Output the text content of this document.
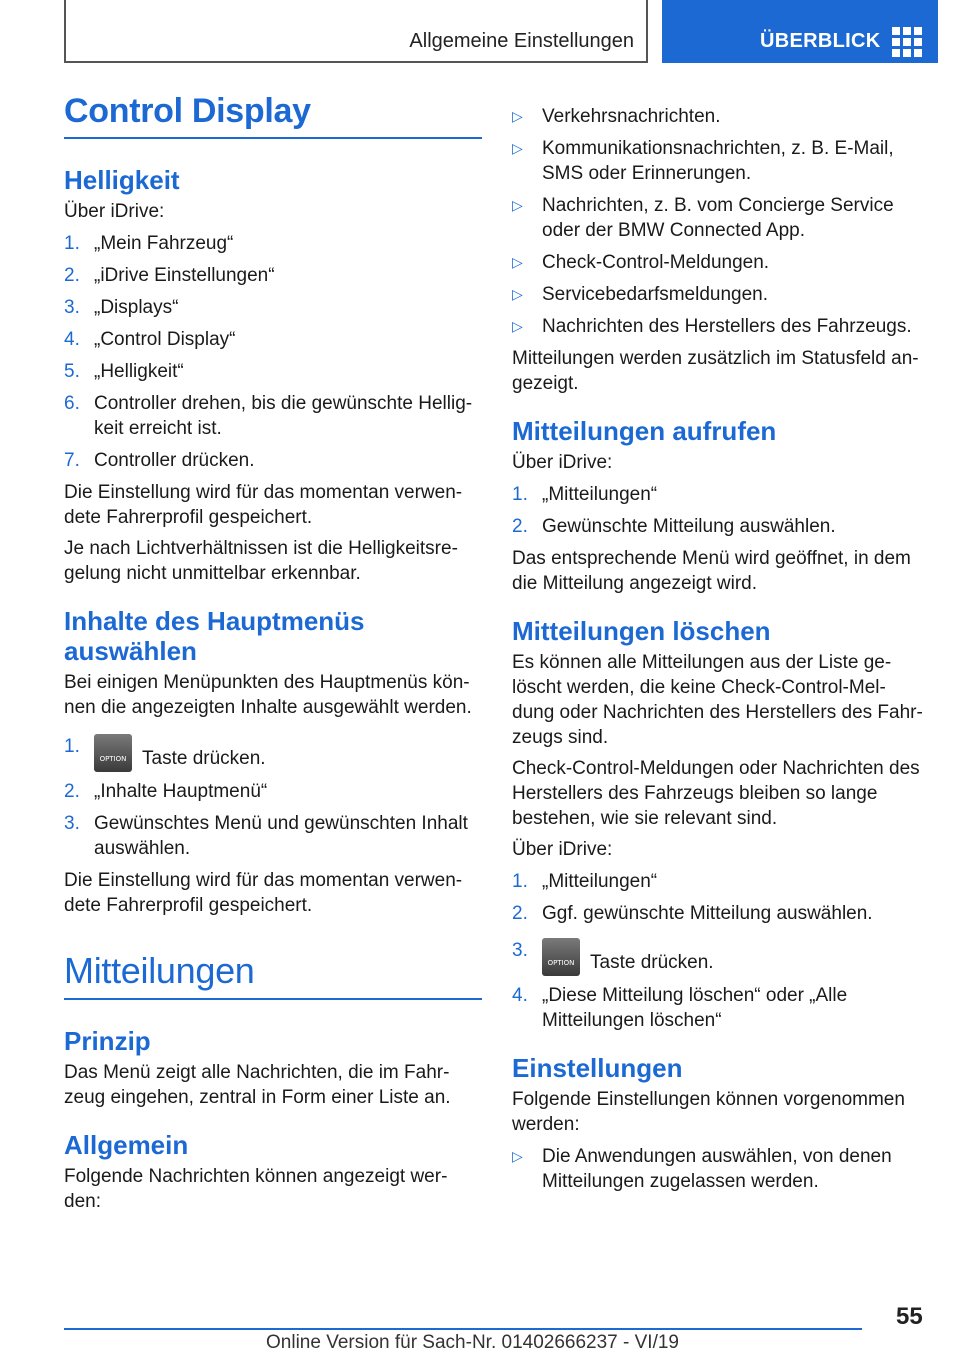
Allgemeine Einstellungen	ÜBERBLICK
Control Display
Helligkeit

Über iDrive:

1. „Mein Fahrzeug“
2. „iDrive Einstellungen“
3. „Displays“
4. „Control Display“
5. „Helligkeit“
6. Controller drehen, bis die gewünschte Hellig‐ keit erreicht ist.
7. Controller drücken.

Die Einstellung wird für das momentan verwen‐ dete Fahrerprofil gespeichert.

Je nach Lichtverhältnissen ist die Helligkeitsre‐ gelung nicht unmittelbar erkennbar.

Inhalte des Hauptmenüs auswählen

Bei einigen Menüpunkten des Hauptmenüs kön‐ nen die angezeigten Inhalte ausgewählt werden.

1.
OPTIONTaste drücken.
2. „Inhalte Hauptmenü“
3. Gewünschtes Menü und gewünschten Inhalt auswählen.

Die Einstellung wird für das momentan verwen‐ dete Fahrerprofil gespeichert.

Mitteilungen
Prinzip

Das Menü zeigt alle Nachrichten, die im Fahr‐ zeug eingehen, zentral in Form einer Liste an.

Allgemein

Folgende Nachrichten können angezeigt wer‐ den:

▷ Verkehrsnachrichten.
▷ Kommunikationsnachrichten, z. B. E-Mail, SMS oder Erinnerungen.
▷ Nachrichten, z. B. vom Concierge Service oder der BMW Connected App.
▷ Check-Control-Meldungen.
▷ Servicebedarfsmeldungen.
▷ Nachrichten des Herstellers des Fahrzeugs.

Mitteilungen werden zusätzlich im Statusfeld an‐ gezeigt.

Mitteilungen aufrufen

Über iDrive:

1. „Mitteilungen“
2. Gewünschte Mitteilung auswählen.

Das entsprechende Menü wird geöffnet, in dem die Mitteilung angezeigt wird.

Mitteilungen löschen

Es können alle Mitteilungen aus der Liste ge‐ löscht werden, die keine Check-Control-Mel‐ dung oder Nachrichten des Herstellers des Fahr‐ zeugs sind.

Check-Control-Meldungen oder Nachrichten des Herstellers des Fahrzeugs bleiben so lange bestehen, wie sie relevant sind.

Über iDrive:

1. „Mitteilungen“
2. Ggf. gewünschte Mitteilung auswählen.
3.
OPTIONTaste drücken.
4. „Diese Mitteilung löschen“ oder „Alle Mitteilungen löschen“
Einstellungen

Folgende Einstellungen können vorgenommen werden:

▷ Die Anwendungen auswählen, von denen Mitteilungen zugelassen werden.
55
Online Version für Sach-Nr. 01402666237 - VI/19
